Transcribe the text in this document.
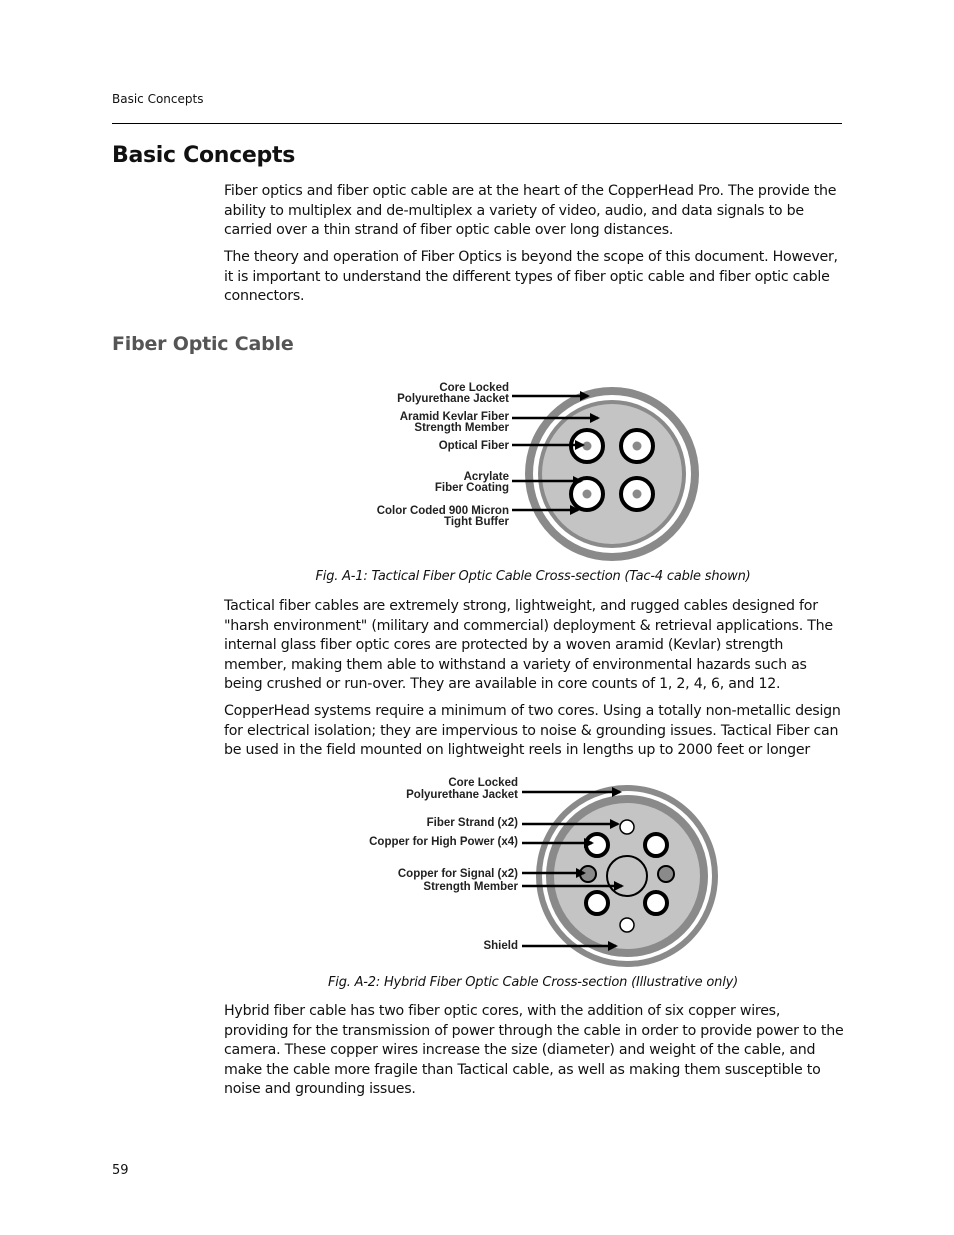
Basic Concepts
Basic Concepts

Fiber optics and fiber optic cable are at the heart of the CopperHead Pro. The provide the ability to multiplex and de-multiplex a variety of video, audio, and data signals to be carried over a thin strand of fiber optic cable over long distances.

The theory and operation of Fiber Optics is beyond the scope of this document. However, it is important to understand the different types of fiber optic cable and fiber optic cable connectors.

Fiber Optic Cable
Core Locked
Polyurethane Jacket
Aramid Kevlar Fiber
Strength Member
Optical Fiber
Acrylate
Fiber Coating
Color Coded 900 Micron
Tight Buffer
Fig. A-1: Tactical Fiber Optic Cable Cross-section (Tac-4 cable shown)

Tactical fiber cables are extremely strong, lightweight, and rugged cables designed for "harsh environment" (military and commercial) deployment & retrieval applications. The internal glass fiber optic cores are protected by a woven aramid (Kevlar) strength member, making them able to withstand a variety of environmental hazards such as being crushed or run-over. They are available in core counts of 1, 2, 4, 6, and 12.

CopperHead systems require a minimum of two cores. Using a totally non-metallic design for electrical isolation; they are impervious to noise & grounding issues. Tactical Fiber can be used in the field mounted on lightweight reels in lengths up to 2000 feet or longer

Core Locked
Polyurethane Jacket
Fiber Strand (x2)
Copper for High Power (x4)
Copper for Signal (x2)
Strength Member
Shield
Fig. A-2: Hybrid Fiber Optic Cable Cross-section (Illustrative only)

Hybrid fiber cable has two fiber optic cores, with the addition of six copper wires, providing for the transmission of power through the cable in order to provide power to the camera. These copper wires increase the size (diameter) and weight of the cable, and make the cable more fragile than Tactical cable, as well as making them susceptible to noise and grounding issues.

59
